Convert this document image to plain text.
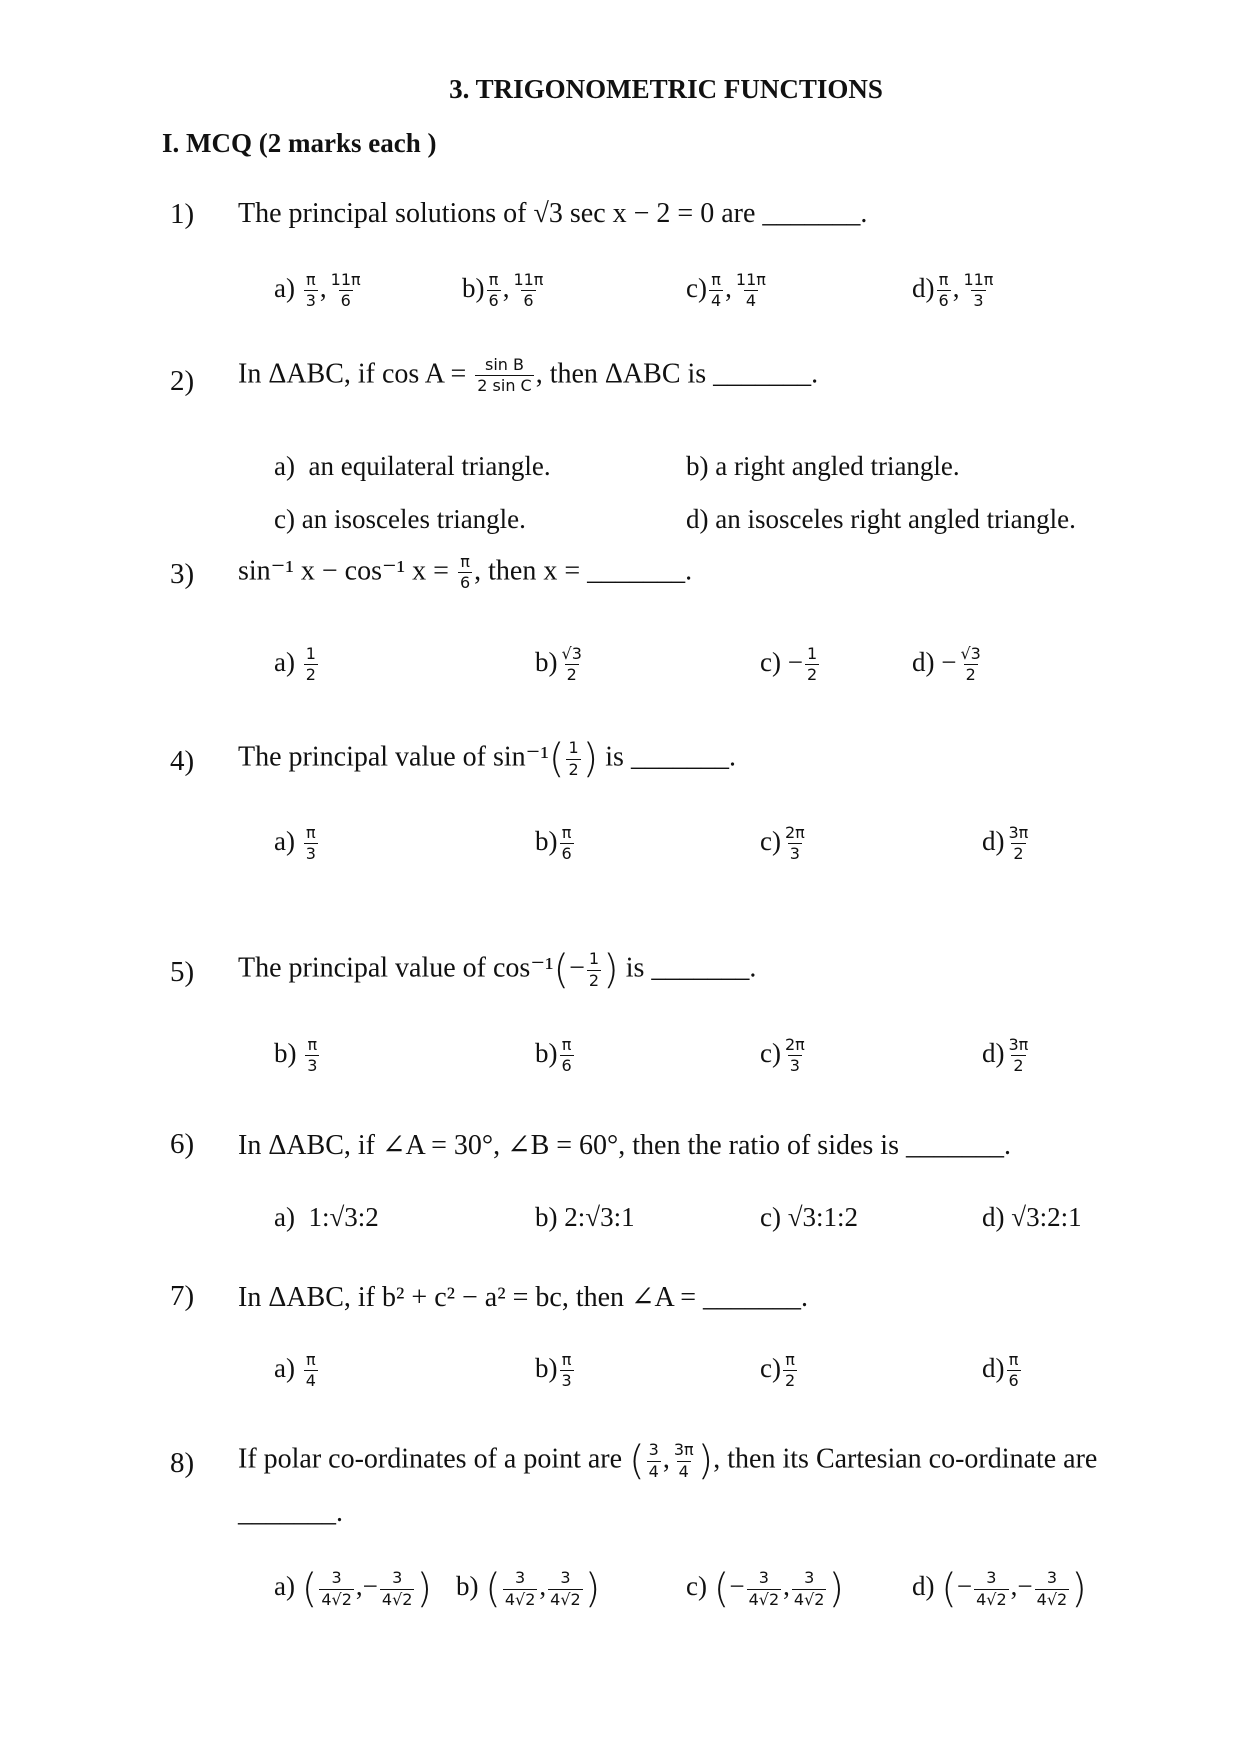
3. TRIGONOMETRIC FUNCTIONS
I. MCQ (2 marks each )
1) The principal solutions of √3 sec x − 2 = 0 are _______.
$a) \frac{\pi}{3}$ , $\frac{11\pi}{6}$	$b) \frac{\pi}{6}$ , $\frac{11\pi}{6}$	$c) \frac{\pi}{4}$ , $\frac{11\pi}{4}$	$d) \frac{\pi}{6}$ , $\frac{11\pi}{3}$
2) In ΔABC, if $\cos A = \frac{\text{sin B}}{\text{2 sin C}}$ , then ΔABC is _______.
a) an equilateral triangle.	b) a right angled triangle.
c) an isosceles triangle.	d) an isosceles right angled triangle.
3) sin⁻¹ x − cos⁻¹ $x = \frac{\pi}{6}$ , then x = _______.
$a) \frac{1}{2}$	$b) \frac{√3}{2}$	$c) - \frac{1}{2}$	$d) - \frac{√3}{2}$
4) The principal value of $\sin^{-1}( \frac{1}{2}$ ) is _______.
$a) \frac{\pi}{3}$	$b) \frac{\pi}{6}$	$c) \frac{2\pi}{3}$	$d) \frac{3\pi}{2}$
5) The principal value of $\cos^{-1}(- \frac{1}{2}$ ) is _______.
$b) \frac{\pi}{3}$	$b) \frac{\pi}{6}$	$c) \frac{2\pi}{3}$	$d) \frac{3\pi}{2}$
6) In ΔABC, if ∠A = 30°, ∠B = 60°, then the ratio of sides is _______.
a) 1:√3:2	b) 2:√3:1	c) √3:1:2	d) √3:2:1
7) In ΔABC, if b² + c² − a² = bc, then ∠A = _______.
$a) \frac{\pi}{4}$	$b) \frac{\pi}{3}$	$c) \frac{\pi}{2}$	$d) \frac{\pi}{6}$
8) If polar co-ordinates of a point are ( $\frac{3}{4}$ , $\frac{3\pi}{4}$ ), then its Cartesian co-ordinate are
_______.
a) ( $\frac{3}{4√2}$ ,− $\frac{3}{4√2}$ ) b) ( $\frac{3}{4√2}$ , $\frac{3}{4√2}$ )	c) (− $\frac{3}{4√2}$ , $\frac{3}{4√2}$ )	d) (− $\frac{3}{4√2}$ ,− $\frac{3}{4√2}$ )
